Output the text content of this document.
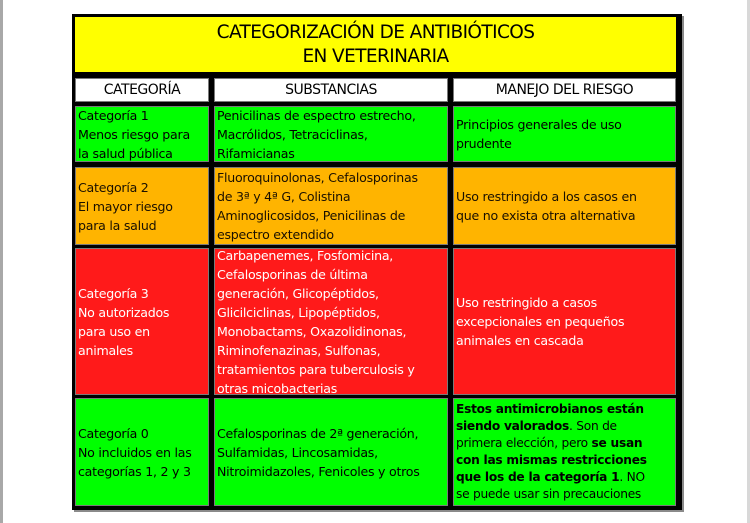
CATEGORIZACIÓN DE ANTIBIÓTICOS
EN VETERINARIA
CATEGORÍA	SUBSTANCIAS	MANEJO DEL RIESGO
Categoría 1
Menos riesgo para
la salud pública
Penicilinas de espectro estrecho,
Macrólidos, Tetraciclinas,
Rifamicianas
Principios generales de uso
prudente
Categoría 2
El mayor riesgo
para la salud
Fluoroquinolonas, Cefalosporinas
de 3ª y 4ª G, Colistina
Aminoglicosidos, Penicilinas de
espectro extendido
Uso restringido a los casos en
que no exista otra alternativa
Categoría 3
No autorizados
para uso en
animales
Carbapenemes, Fosfomicina,
Cefalosporinas de última
generación, Glicopéptidos,
Glicilciclinas, Lipopéptidos,
Monobactams, Oxazolidinonas,
Riminofenazinas, Sulfonas,
tratamientos para tuberculosis y
otras micobacterias
Uso restringido a casos
excepcionales en pequeños
animales en cascada
Categoría 0
No incluidos en las
categorías 1, 2 y 3
Cefalosporinas de 2ª generación,
Sulfamidas, Lincosamidas,
Nitroimidazoles, Fenicoles y otros
Estos antimicrobianos están
siendo valorados. Son de
primera elección, pero se usan
con las mismas restricciones
que los de la categoría 1. NO
se puede usar sin precauciones
